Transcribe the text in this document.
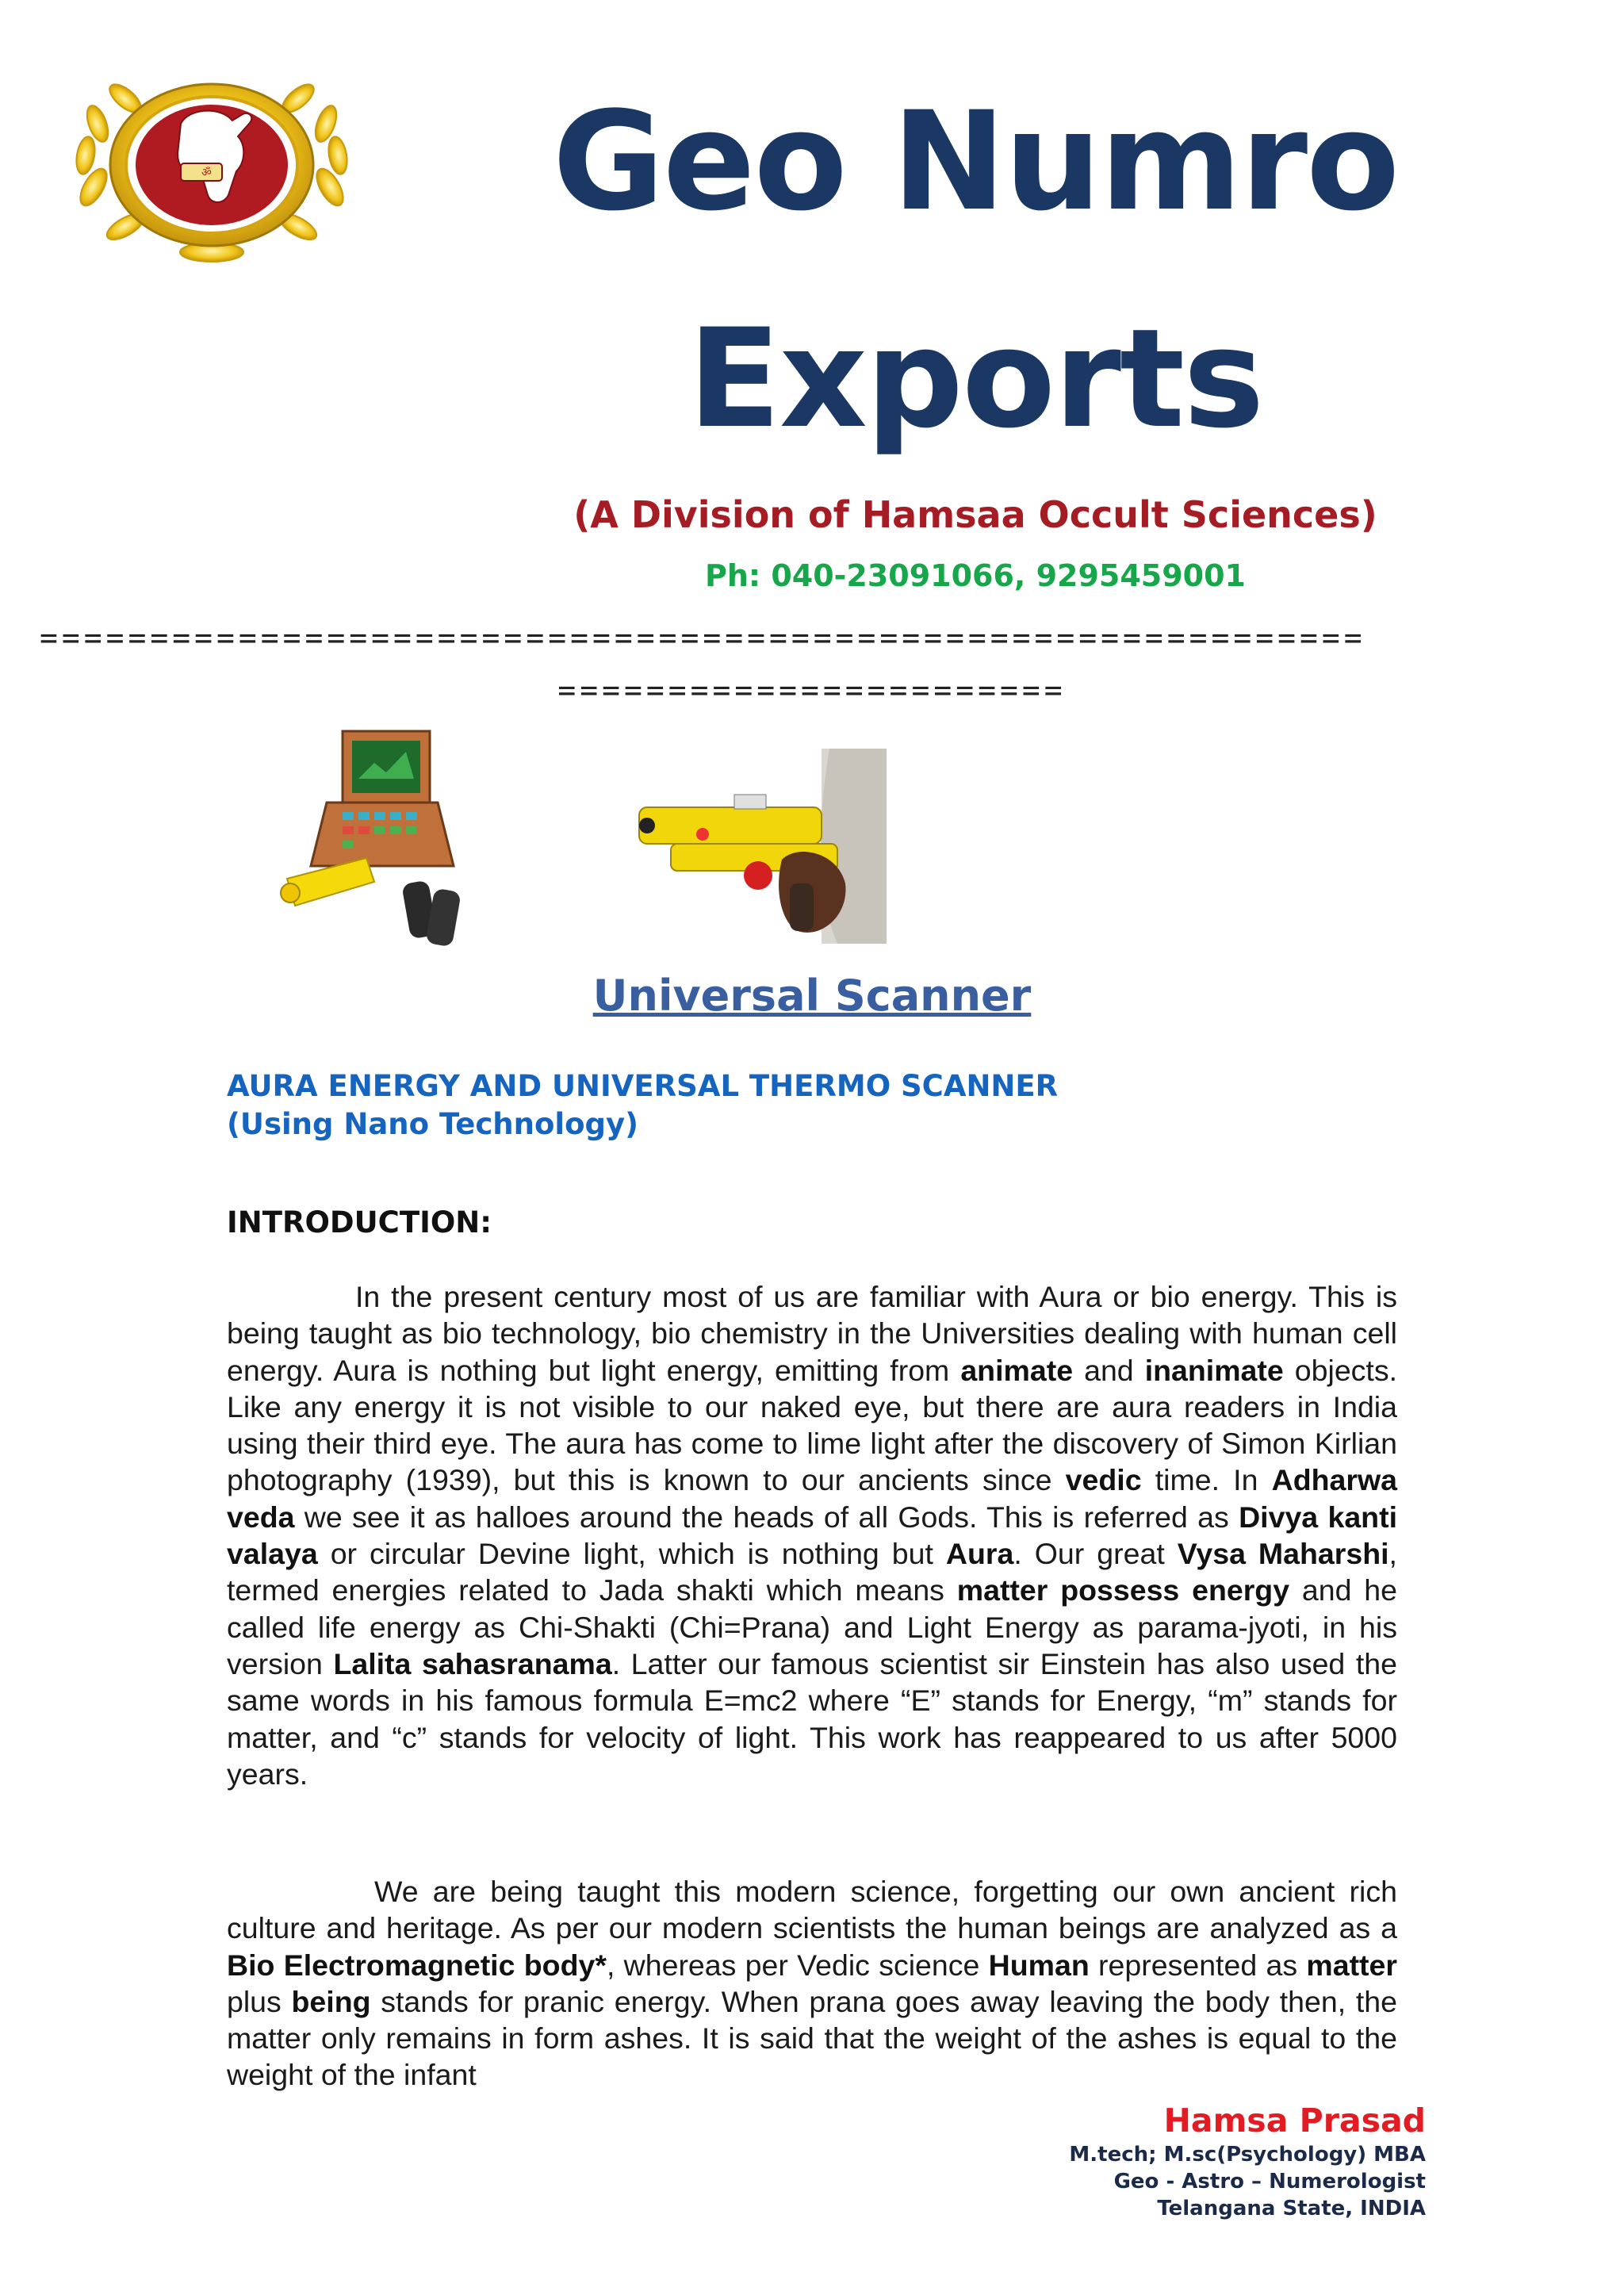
ॐ	Geo Numro
Exports
(A Division of Hamsaa Occult Sciences)
Ph: 040-23091066, 9295459001
============================================================
=======================
Universal Scanner
AURA ENERGY AND UNIVERSAL THERMO SCANNER
(Using Nano Technology)
INTRODUCTION:
In the present century most of us are familiar with Aura or bio energy. This is being taught as bio technology, bio chemistry in the Universities dealing with human cell energy. Aura is nothing but light energy, emitting from animate and inanimate objects. Like any energy it is not visible to our naked eye, but there are aura readers in India using their third eye. The aura has come to lime light after the discovery of Simon Kirlian photography (1939), but this is known to our ancients since vedic time. In Adharwa veda we see it as halloes around the heads of all Gods. This is referred as Divya kanti valaya or circular Devine light, which is nothing but Aura. Our great Vysa Maharshi, termed energies related to Jada shakti which means matter possess energy and he called life energy as Chi-Shakti (Chi=Prana) and Light Energy as parama-jyoti, in his version Lalita sahasranama. Latter our famous scientist sir Einstein has also used the same words in his famous formula E=mc2 where “E” stands for Energy, “m” stands for matter, and “c” stands for velocity of light. This work has reappeared to us after 5000 years.
We are being taught this modern science, forgetting our own ancient rich culture and heritage. As per our modern scientists the human beings are analyzed as a Bio Electromagnetic body*, whereas per Vedic science Human represented as matter plus being stands for pranic energy. When prana goes away leaving the body then, the matter only remains in form ashes. It is said that the weight of the ashes is equal to the weight of the infant
Hamsa Prasad
M.tech; M.sc(Psychology) MBA
Geo - Astro – Numerologist
Telangana State, INDIA
